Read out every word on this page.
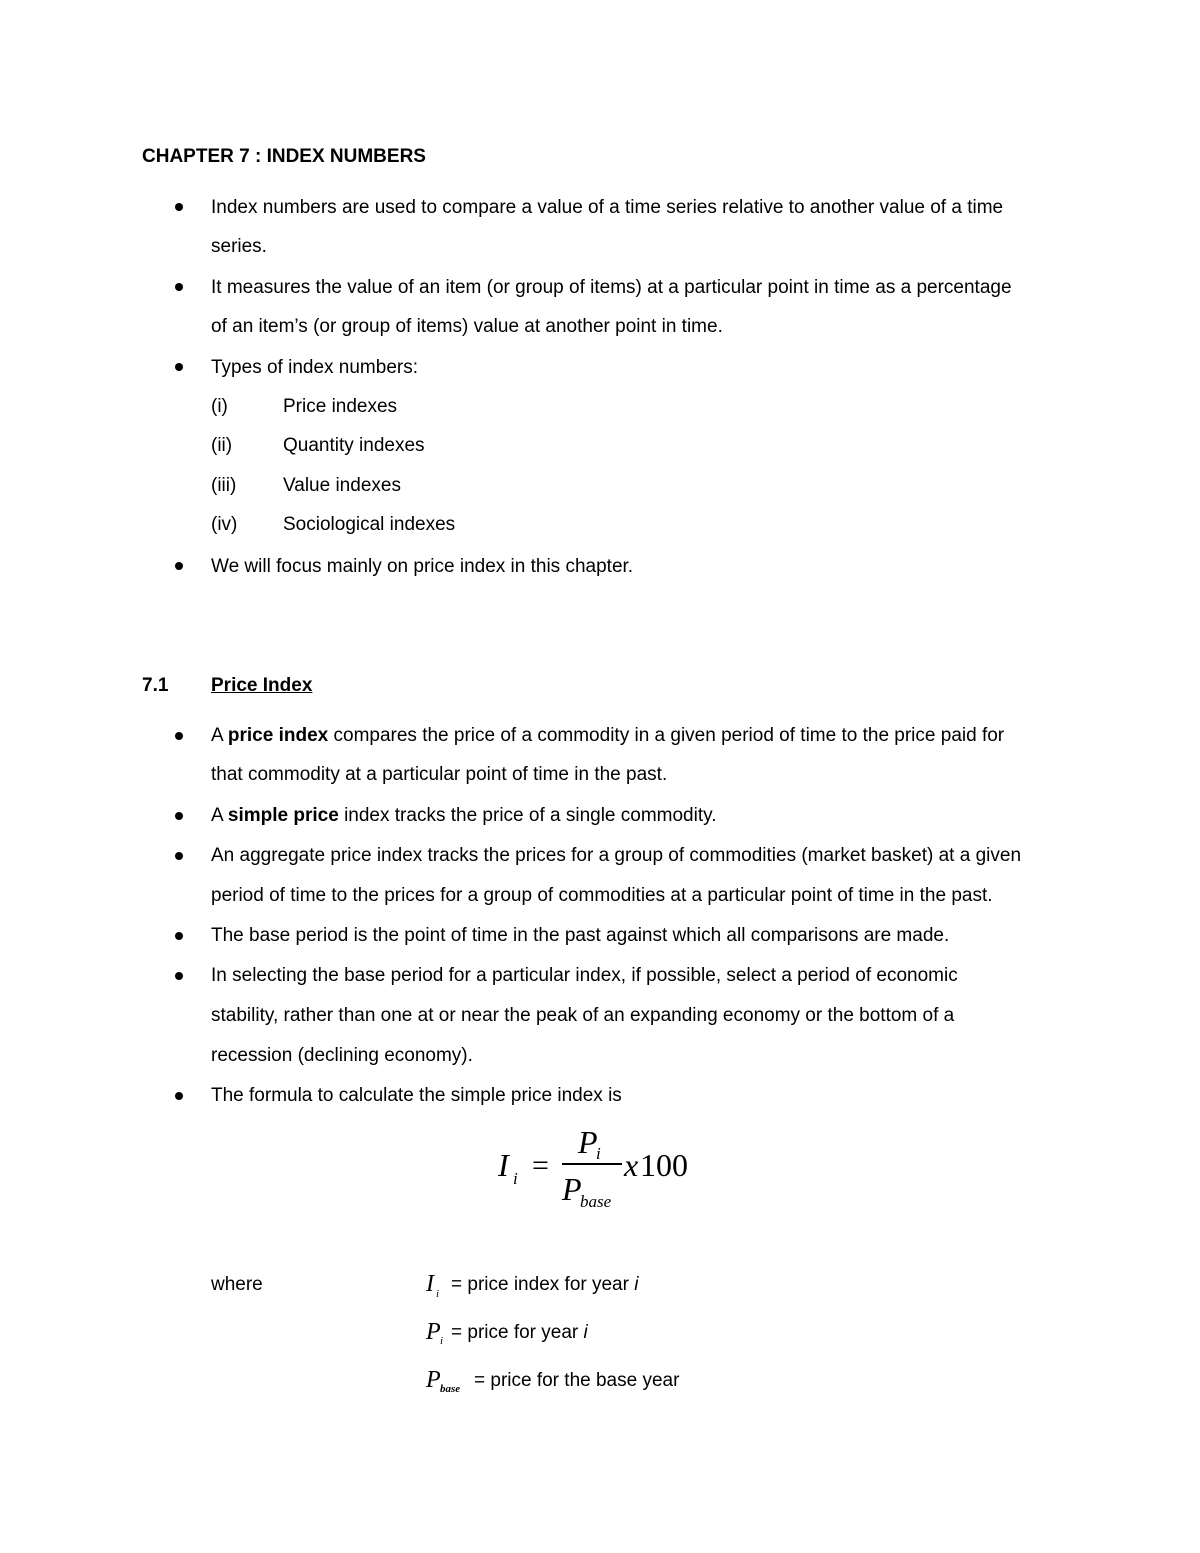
CHAPTER 7 : INDEX NUMBERS
Index numbers are used to compare a value of a time series relative to another value of a time
series.
It measures the value of an item (or group of items) at a particular point in time as a percentage
of an item’s (or group of items) value at another point in time.
Types of index numbers:
(i)	Price indexes
(ii)	Quantity indexes
(iii) Value indexes
(iv) Sociological indexes
We will focus mainly on price index in this chapter.
7.1 Price Index
A price index compares the price of a commodity in a given period of time to the price paid for
that commodity at a particular point of time in the past.
A simple price index tracks the price of a single commodity.
An aggregate price index tracks the prices for a group of commodities (market basket) at a given
period of time to the prices for a group of commodities at a particular point of time in the past.
The base period is the point of time in the past against which all comparisons are made.
In selecting the base period for a particular index, if possible, select a period of economic
stability, rather than one at or near the peak of an expanding economy or the bottom of a
recession (declining economy).
The formula to calculate the simple price index is
I i =
P
i
P
base
x 100
where	I i = price index for year i
P i = price for year i
P base = price for the base year
